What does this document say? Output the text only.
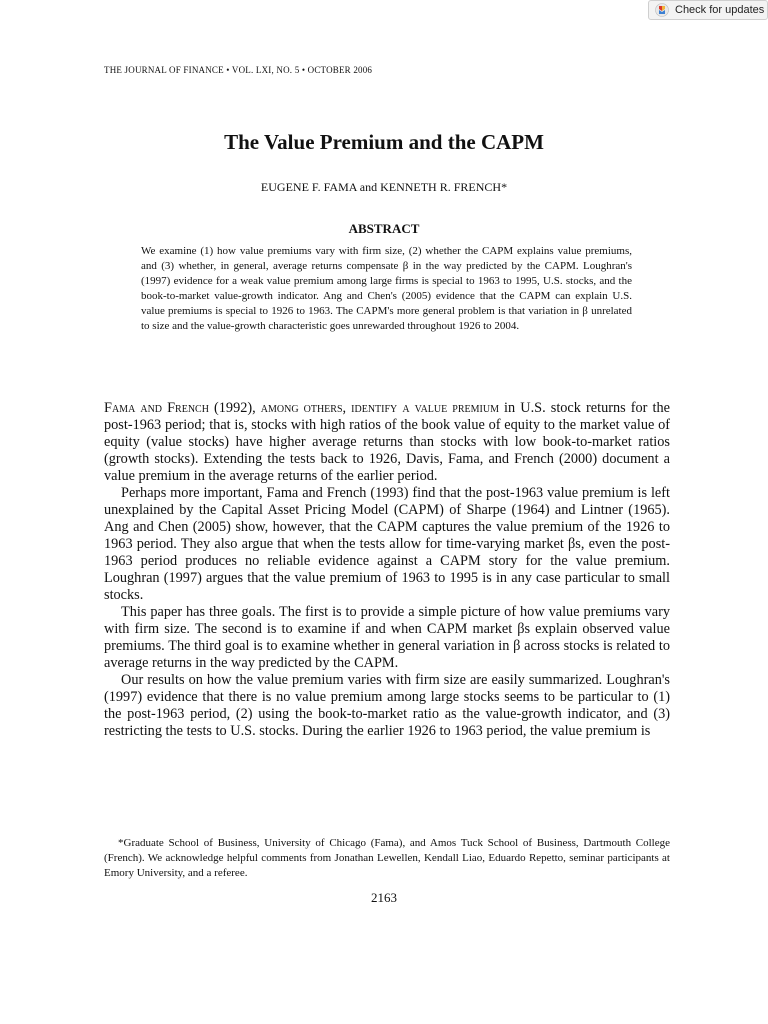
Check for updates
THE JOURNAL OF FINANCE • VOL. LXI, NO. 5 • OCTOBER 2006
The Value Premium and the CAPM
EUGENE F. FAMA and KENNETH R. FRENCH*
ABSTRACT

We examine (1) how value premiums vary with firm size, (2) whether the CAPM explains value premiums, and (3) whether, in general, average returns compensate β in the way predicted by the CAPM. Loughran's (1997) evidence for a weak value premium among large firms is special to 1963 to 1995, U.S. stocks, and the book-to-market value-growth indicator. Ang and Chen's (2005) evidence that the CAPM can explain U.S. value premiums is special to 1926 to 1963. The CAPM's more general problem is that variation in β unrelated to size and the value-growth characteristic goes unrewarded throughout 1926 to 2004.

Fama and French (1992), among others, identify a value premium in U.S. stock returns for the post-1963 period; that is, stocks with high ratios of the book value of equity to the market value of equity (value stocks) have higher average returns than stocks with low book-to-market ratios (growth stocks). Extending the tests back to 1926, Davis, Fama, and French (2000) document a value premium in the average returns of the earlier period.

Perhaps more important, Fama and French (1993) find that the post-1963 value premium is left unexplained by the Capital Asset Pricing Model (CAPM) of Sharpe (1964) and Lintner (1965). Ang and Chen (2005) show, however, that the CAPM captures the value premium of the 1926 to 1963 period. They also argue that when the tests allow for time-varying market βs, even the post-1963 period produces no reliable evidence against a CAPM story for the value premium. Loughran (1997) argues that the value premium of 1963 to 1995 is in any case particular to small stocks.

This paper has three goals. The first is to provide a simple picture of how value premiums vary with firm size. The second is to examine if and when CAPM market βs explain observed value premiums. The third goal is to examine whether in general variation in β across stocks is related to average returns in the way predicted by the CAPM.

Our results on how the value premium varies with firm size are easily summarized. Loughran's (1997) evidence that there is no value premium among large stocks seems to be particular to (1) the post-1963 period, (2) using the book-to-market ratio as the value-growth indicator, and (3) restricting the tests to U.S. stocks. During the earlier 1926 to 1963 period, the value premium is

*Graduate School of Business, University of Chicago (Fama), and Amos Tuck School of Business, Dartmouth College (French). We acknowledge helpful comments from Jonathan Lewellen, Kendall Liao, Eduardo Repetto, seminar participants at Emory University, and a referee.

2163
